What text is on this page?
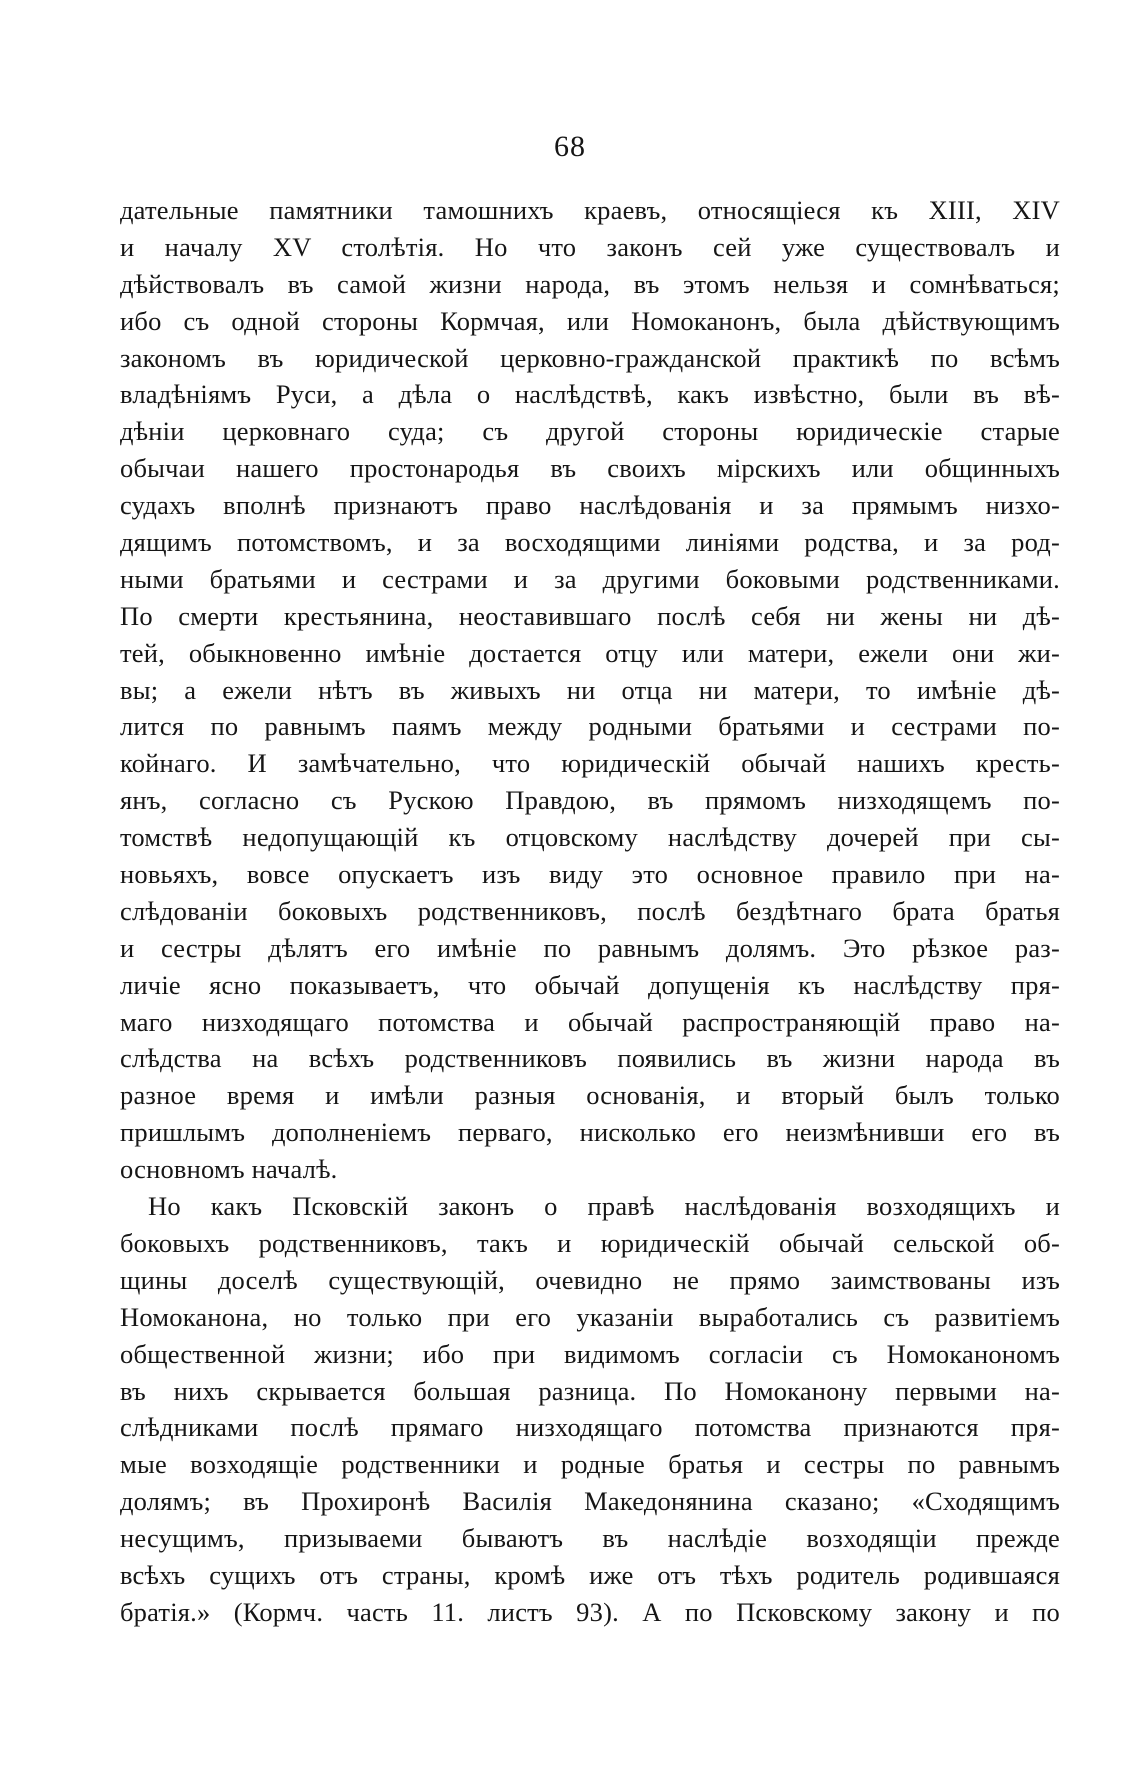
68
дательные памятники тамошнихъ краевъ, относящіеся къ XIII, XIV
и началу XV столѣтія. Но что законъ сей уже существовалъ и
дѣйствовалъ въ самой жизни народа, въ этомъ нельзя и сомнѣваться;
ибо съ одной стороны Кормчая, или Номоканонъ, была дѣйствующимъ
закономъ въ юридической церковно-гражданской практикѣ по всѣмъ
владѣніямъ Руси, а дѣла о наслѣдствѣ, какъ извѣстно, были въ вѣ-
дѣніи церковнаго суда; съ другой стороны юридическіе старые
обычаи нашего простонародья въ своихъ мірскихъ или общинныхъ
судахъ вполнѣ признаютъ право наслѣдованія и за прямымъ низхо-
дящимъ потомствомъ, и за восходящими линіями родства, и за род-
ными братьями и сестрами и за другими боковыми родственниками.
По смерти крестьянина, неоставившаго послѣ себя ни жены ни дѣ-
тей, обыкновенно имѣніе достается отцу или матери, ежели они жи-
вы; а ежели нѣтъ въ живыхъ ни отца ни матери, то имѣніе дѣ-
лится по равнымъ паямъ между родными братьями и сестрами по-
койнаго. И замѣчательно, что юридическій обычай нашихъ кресть-
янъ, согласно съ Рускою Правдою, въ прямомъ низходящемъ по-
томствѣ недопущающій къ отцовскому наслѣдству дочерей при сы-
новьяхъ, вовсе опускаетъ изъ виду это основное правило при на-
слѣдованіи боковыхъ родственниковъ, послѣ бездѣтнаго брата братья
и сестры дѣлятъ его имѣніе по равнымъ долямъ. Это рѣзкое раз-
личіе ясно показываетъ, что обычай допущенія къ наслѣдству пря-
маго низходящаго потомства и обычай распространяющій право на-
слѣдства на всѣхъ родственниковъ появились въ жизни народа въ
разное время и имѣли разныя основанія, и вторый былъ только
пришлымъ дополненіемъ перваго, нисколько его неизмѣнивши его въ
основномъ началѣ.
Но какъ Псковскій законъ о правѣ наслѣдованія возходящихъ и
боковыхъ родственниковъ, такъ и юридическій обычай сельской об-
щины доселѣ существующій, очевидно не прямо заимствованы изъ
Номоканона, но только при его указаніи выработались съ развитіемъ
общественной жизни; ибо при видимомъ согласіи съ Номоканономъ
въ нихъ скрывается большая разница. По Номоканону первыми на-
слѣдниками послѣ прямаго низходящаго потомства признаются пря-
мые возходящіе родственники и родные братья и сестры по равнымъ
долямъ; въ Прохиронѣ Василія Македонянина сказано; «Сходящимъ
несущимъ, призываеми бываютъ въ наслѣдіе возходящіи прежде
всѣхъ сущихъ отъ страны, кромѣ иже отъ тѣхъ родитель родившаяся
братія.» (Кормч. часть 11. листъ 93). А по Псковскому закону и по
